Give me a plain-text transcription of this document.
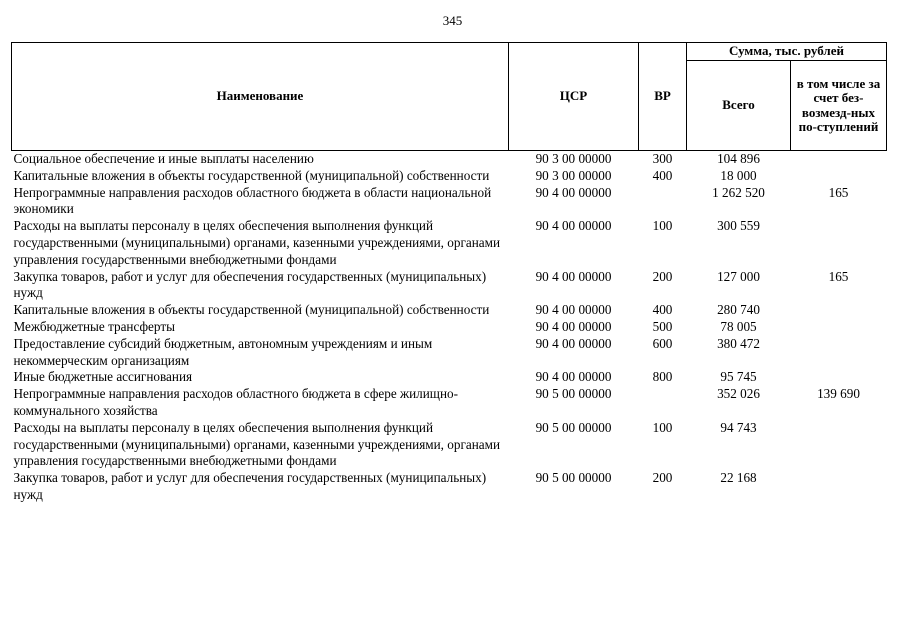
345
Наименование	ЦСР	ВР	Сумма, тыс. рублей	
			Всего	в том числе за счет без-возмезд-ных по-ступлений
Социальное обеспечение и иные выплаты населению	90 3 00 00000	300	104 896	
Капитальные вложения в объекты государственной (муниципальной) собственности	90 3 00 00000	400	18 000	
Непрограммные направления расходов областного бюджета в области национальной экономики	90 4 00 00000		1 262 520	165
Расходы на выплаты персоналу в целях обеспечения выполнения функций государственными (муниципальными) органами, казенными учреждениями, органами управления государственными внебюджетными фондами	90 4 00 00000	100	300 559	
Закупка товаров, работ и услуг для обеспечения государственных (муниципальных) нужд	90 4 00 00000	200	127 000	165
Капитальные вложения в объекты государственной (муниципальной) собственности	90 4 00 00000	400	280 740	
Межбюджетные трансферты	90 4 00 00000	500	78 005	
Предоставление субсидий бюджетным, автономным учреждениям и иным некоммерческим организациям	90 4 00 00000	600	380 472	
Иные бюджетные ассигнования	90 4 00 00000	800	95 745	
Непрограммные направления расходов областного бюджета в сфере жилищно-коммунального хозяйства	90 5 00 00000		352 026	139 690
Расходы на выплаты персоналу в целях обеспечения выполнения функций государственными (муниципальными) органами, казенными учреждениями, органами управления государственными внебюджетными фондами	90 5 00 00000	100	94 743	
Закупка товаров, работ и услуг для обеспечения государственных (муниципальных) нужд	90 5 00 00000	200	22 168	
